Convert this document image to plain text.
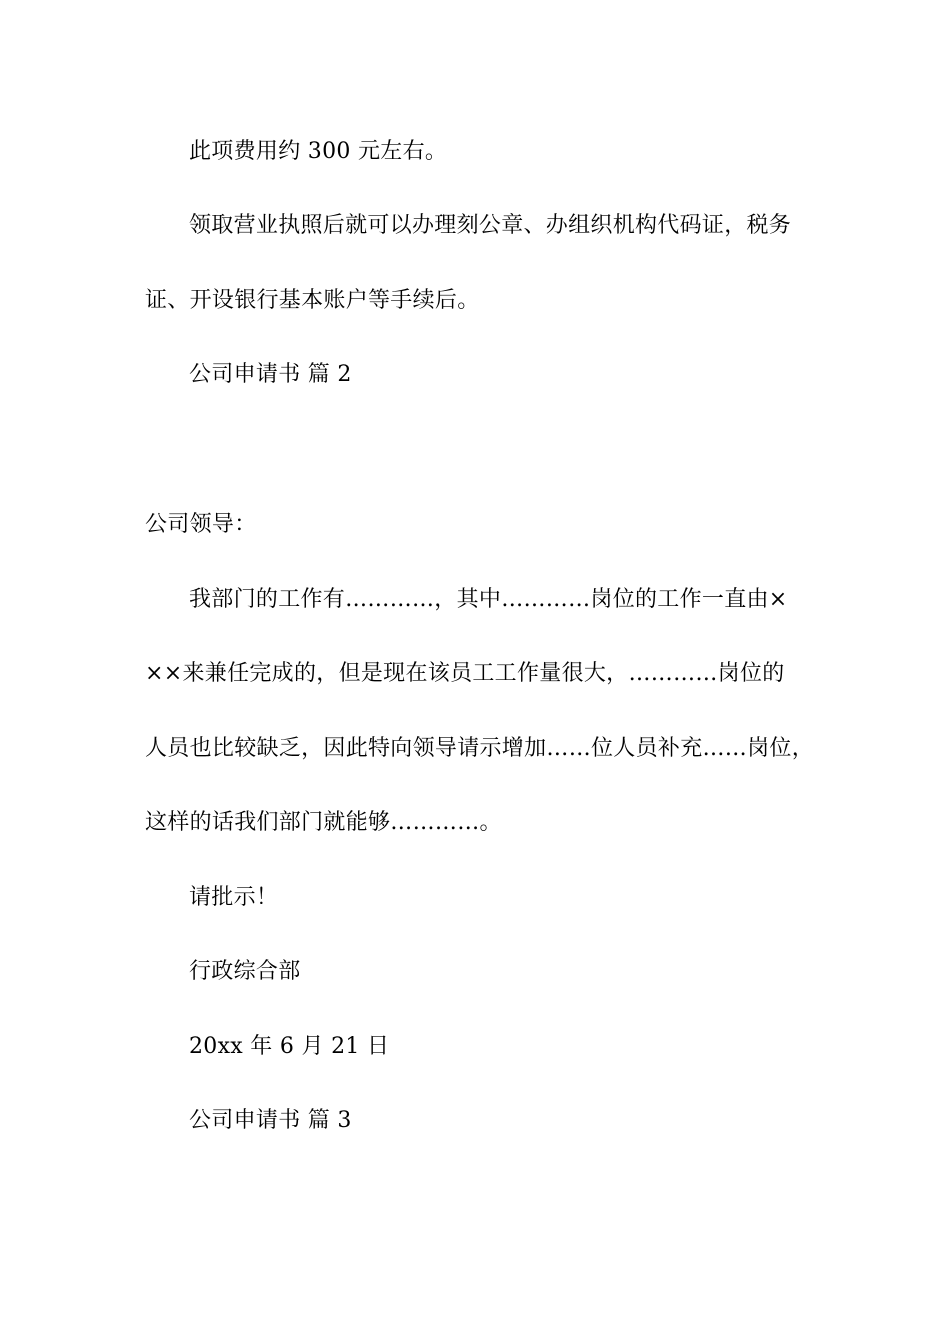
此项费用约 300 元左右。
领取营业执照后就可以办理刻公章、办组织机构代码证，税务
证、开设银行基本账户等手续后。
公司申请书 篇 2
公司领导：
我部门的工作有…………，其中…………岗位的工作一直由×
××来兼任完成的，但是现在该员工工作量很大，…………岗位的
人员也比较缺乏，因此特向领导请示增加……位人员补充……岗位，
这样的话我们部门就能够…………。
请批示！
行政综合部
20xx 年 6 月 21 日
公司申请书 篇 3
